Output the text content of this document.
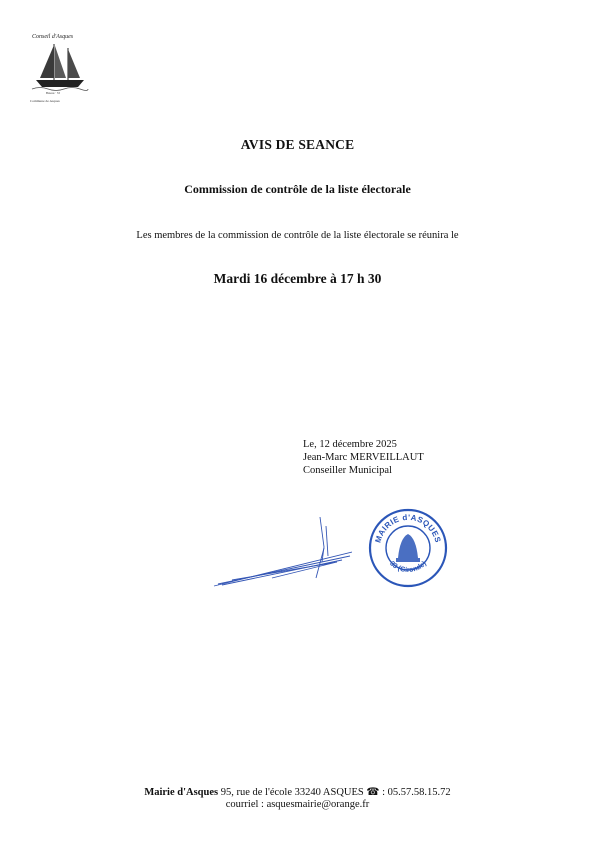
Conseil d'Asques
Bateau · 33
Commune de Asques
AVIS DE SEANCE
Commission de contrôle de la liste électorale
Les membres de la commission de contrôle de la liste électorale se réunira le
Mardi 16 décembre à 17 h 30
Le, 12 décembre 2025
Jean-Marc MERVEILLAUT
Conseiller Municipal
MAIRIE d'ASQUES
33 (Gironde)
Mairie d'Asques 95, rue de l'école 33240 ASQUES ☎ : 05.57.58.15.72
courriel : asquesmairie@orange.fr
